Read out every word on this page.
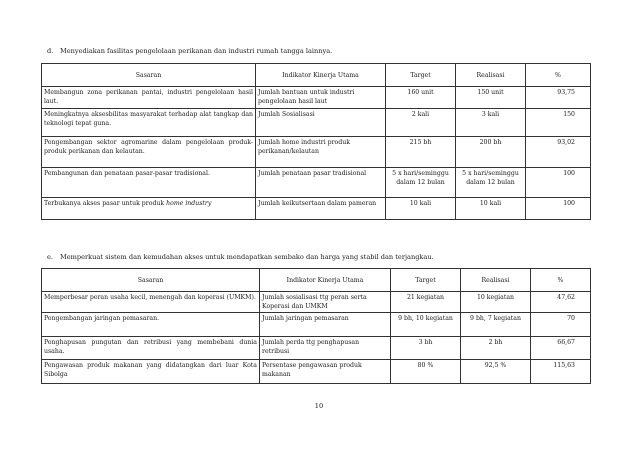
d. Menyediakan fasilitas pengelolaan perikanan dan industri rumah tangga lainnya.
Sasaran	Indikator Kinerja Utama	Target	Realisasi	%
Membangun zona perikanan pantai, industri pengelolaan hasil laut.	Jumlah bantuan untuk industri pengelolaan hasil laut	160 unit	150 unit	93,75
Meningkatnya aksesbilitas masyarakat terhadap alat tangkap dan teknologi tepat guna.	Jumlah Sosialisasi	2 kali	3 kali	150
Pengembangan sektor agromarine dalam pengelolaan produk-produk perikanan dan kelautan.	Jumlah home industri produk perikanan/kelautan	215 bh	200 bh	93,02
Pembangunan dan penataan pasar-pasar tradisional.	Jumlah penataan pasar tradisional	5 x hari/seminggu dalam 12 bulan	5 x hari/seminggu dalam 12 bulan	100
Terbukanya akses pasar untuk produk home industry	Jumlah keikutsertaan dalam pameran	10 kali	10 kali	100
e. Memperkuat sistem dan kemudahan akses untuk mendapatkan sembako dan harga yang stabil dan terjangkau.
Sasaran	Indikator Kinerja Utama	Target	Realisasi	%
Memperbesar peran usaha kecil, menengah dan koperasi (UMKM).	Jumlah sosialisasi ttg peran serta Koperasi dan UMKM	21 kegiatan	10 kegiatan	47,62
Pengembangan jaringan pemasaran.	Jumlah jaringan pemasaran	9 bh, 10 kegiatan	9 bh, 7 kegiatan	70
Penghapusan pungutan dan retribusi yang membebani dunia usaha.	Jumlah perda ttg penghapusan retribusi	3 bh	2 bh	66,67
Pengawasan produk makanan yang didatangkan dari luar Kota Sibolga	Persentase pengawasan produk makanan	80 %	92,5 %	115,63
10
